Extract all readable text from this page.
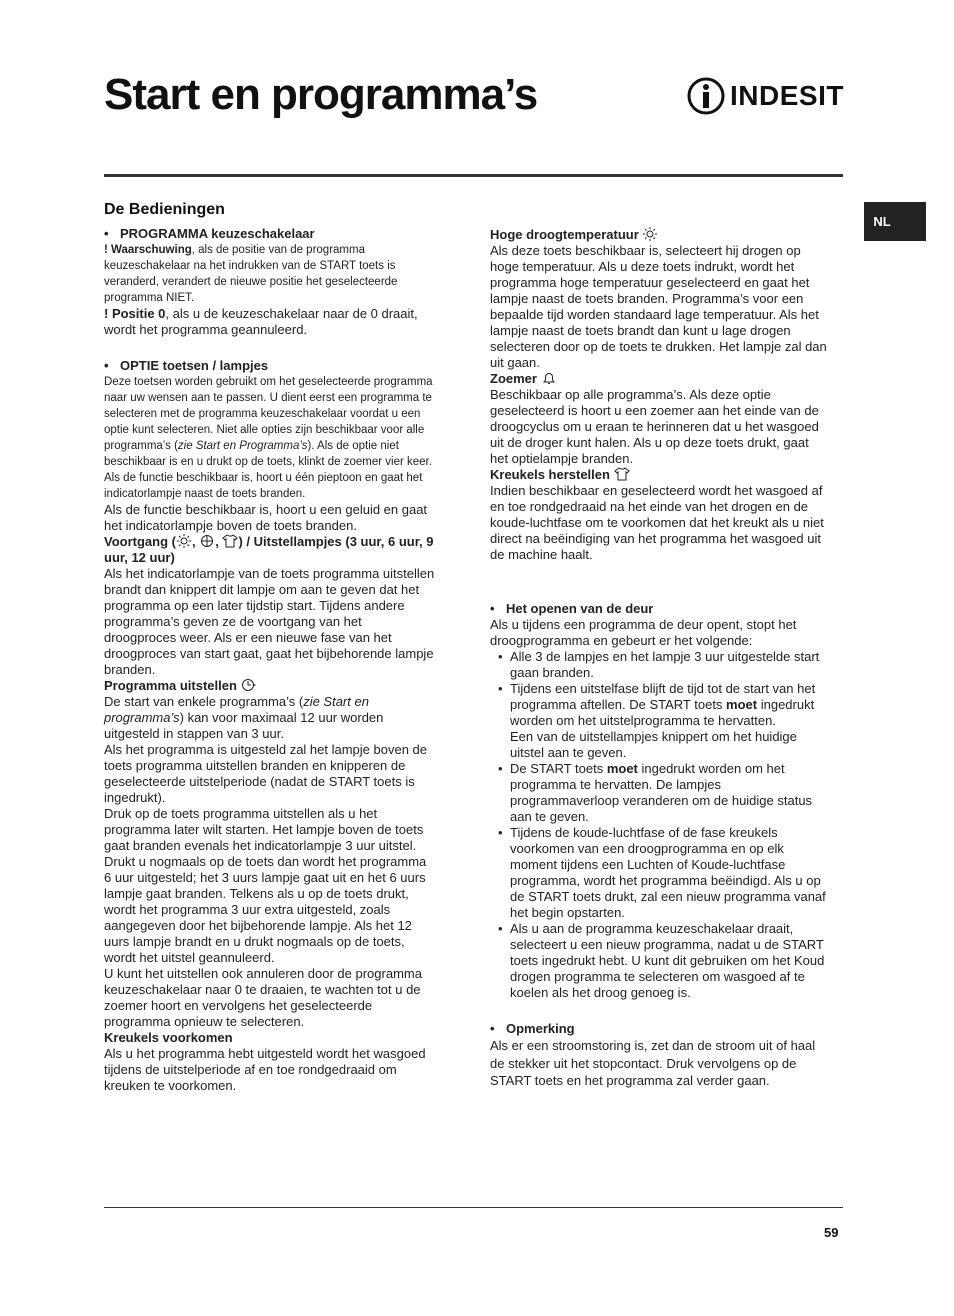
Start en programma’s	INDESIT
NL
De Bedieningen

• PROGRAMMA keuzeschakelaar

! Waarschuwing, als de positie van de programma keuzeschakelaar na het indrukken van de START toets is veranderd, verandert de nieuwe positie het geselecteerde programma NIET.

! Positie 0, als u de keuzeschakelaar naar de 0 draait, wordt het programma geannuleerd.

• OPTIE toetsen / lampjes

Deze toetsen worden gebruikt om het geselecteerde programma naar uw wensen aan te passen. U dient eerst een programma te selecteren met de programma keuzeschakelaar voordat u een optie kunt selecteren. Niet alle opties zijn beschikbaar voor alle programma’s (zie Start en Programma’s). Als de optie niet beschikbaar is en u drukt op de toets, klinkt de zoemer vier keer. Als de functie beschikbaar is, hoort u één pieptoon en gaat het indicatorlampje naast de toets branden.

Als de functie beschikbaar is, hoort u een geluid en gaat het indicatorlampje boven de toets branden.

Voortgang ( , , ) / Uitstellampjes (3 uur, 6 uur, 9 uur, 12 uur)

Als het indicatorlampje van de toets programma uitstellen brandt dan knippert dit lampje om aan te geven dat het programma op een later tijdstip start. Tijdens andere programma’s geven ze de voortgang van het droogproces weer. Als er een nieuwe fase van het droogproces van start gaat, gaat het bijbehorende lampje branden.

Programma uitstellen

De start van enkele programma’s (zie Start en programma’s) kan voor maximaal 12 uur worden uitgesteld in stappen van 3 uur.

Als het programma is uitgesteld zal het lampje boven de toets programma uitstellen branden en knipperen de geselecteerde uitstelperiode (nadat de START toets is ingedrukt).

Druk op de toets programma uitstellen als u het programma later wilt starten. Het lampje boven de toets gaat branden evenals het indicatorlampje 3 uur uitstel. Drukt u nogmaals op de toets dan wordt het programma 6 uur uitgesteld; het 3 uurs lampje gaat uit en het 6 uurs lampje gaat branden. Telkens als u op de toets drukt, wordt het programma 3 uur extra uitgesteld, zoals aangegeven door het bijbehorende lampje. Als het 12 uurs lampje brandt en u drukt nogmaals op de toets, wordt het uitstel geannuleerd.

U kunt het uitstellen ook annuleren door de programma keuzeschakelaar naar 0 te draaien, te wachten tot u de zoemer hoort en vervolgens het geselecteerde programma opnieuw te selecteren.

Kreukels voorkomen

Als u het programma hebt uitgesteld wordt het wasgoed tijdens de uitstelperiode af en toe rondgedraaid om kreuken te voorkomen.

Hoge droogtemperatuur

Als deze toets beschikbaar is, selecteert hij drogen op hoge temperatuur. Als u deze toets indrukt, wordt het programma hoge temperatuur geselecteerd en gaat het lampje naast de toets branden. Programma’s voor een bepaalde tijd worden standaard lage temperatuur. Als het lampje naast de toets brandt dan kunt u lage drogen selecteren door op de toets te drukken. Het lampje zal dan uit gaan.

Zoemer

Beschikbaar op alle programma’s. Als deze optie geselecteerd is hoort u een zoemer aan het einde van de droogcyclus om u eraan te herinneren dat u het wasgoed uit de droger kunt halen. Als u op deze toets drukt, gaat het optielampje branden.

Kreukels herstellen

Indien beschikbaar en geselecteerd wordt het wasgoed af en toe rondgedraaid na het einde van het drogen en de koude-luchtfase om te voorkomen dat het kreukt als u niet direct na beëindiging van het programma het wasgoed uit de machine haalt.

• Het openen van de deur

Als u tijdens een programma de deur opent, stopt het droogprogramma en gebeurt er het volgende:

• Alle 3 de lampjes en het lampje 3 uur uitgestelde start gaan branden.
• Tijdens een uitstelfase blijft de tijd tot de start van het programma aftellen. De START toets moet ingedrukt worden om het uitstelprogramma te hervatten.
Een van de uitstellampjes knippert om het huidige uitstel aan te geven.
• De START toets moet ingedrukt worden om het programma te hervatten. De lampjes programmaverloop veranderen om de huidige status aan te geven.
• Tijdens de koude-luchtfase of de fase kreukels voorkomen van een droogprogramma en op elk moment tijdens een Luchten of Koude-luchtfase programma, wordt het programma beëindigd. Als u op de START toets drukt, zal een nieuw programma vanaf het begin opstarten.
• Als u aan de programma keuzeschakelaar draait, selecteert u een nieuw programma, nadat u de START toets ingedrukt hebt. U kunt dit gebruiken om het Koud drogen programma te selecteren om wasgoed af te koelen als het droog genoeg is.

• Opmerking

Als er een stroomstoring is, zet dan de stroom uit of haal de stekker uit het stopcontact. Druk vervolgens op de START toets en het programma zal verder gaan.

59
